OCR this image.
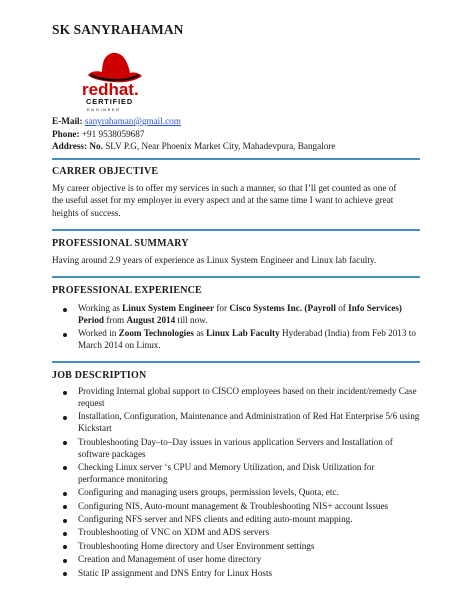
SK SANYRAHAMAN
redhat.
CERTIFIED
ENGINEER
E-Mail: sanyrahaman@gmail.com
Phone: +91 9538059687
Address: No. SLV P.G, Near Phoenix Market City, Mahadevpura, Bangalore
CARRER OBJECTIVE

My career objective is to offer my services in such a manner, so that I’ll get counted as one of the useful asset for my employer in every aspect and at the same time I want to achieve great heights of success.

PROFESSIONAL SUMMARY

Having around 2.9 years of experience as Linux System Engineer and Linux lab faculty.

PROFESSIONAL EXPERIENCE
Working as Linux System Engineer for Cisco Systems Inc. (Payroll of Info Services) Period from August 2014 till now.
Worked in Zoom Technologies as Linux Lab Faculty Hyderabad (India) from Feb 2013 to March 2014 on Linux.
JOB DESCRIPTION
Providing Internal global support to CISCO employees based on their incident/remedy Case request
Installation, Configuration, Maintenance and Administration of Red Hat Enterprise 5/6 using Kickstart
Troubleshooting Day–to–Day issues in various application Servers and Installation of software packages
Checking Linux server ‘s CPU and Memory Utilization, and Disk Utilization for performance monitoring
Configuring and managing users groups, permission levels, Quota, etc.
Configuring NIS, Auto-mount management & Troubleshooting NIS+ account Issues
Configuring NFS server and NFS clients and editing auto-mount mapping.
Troubleshooting of VNC on XDM and ADS servers
Troubleshooting Home directory and User Environment settings
Creation and Management of user home directory
Static IP assignment and DNS Entry for Linux Hosts
